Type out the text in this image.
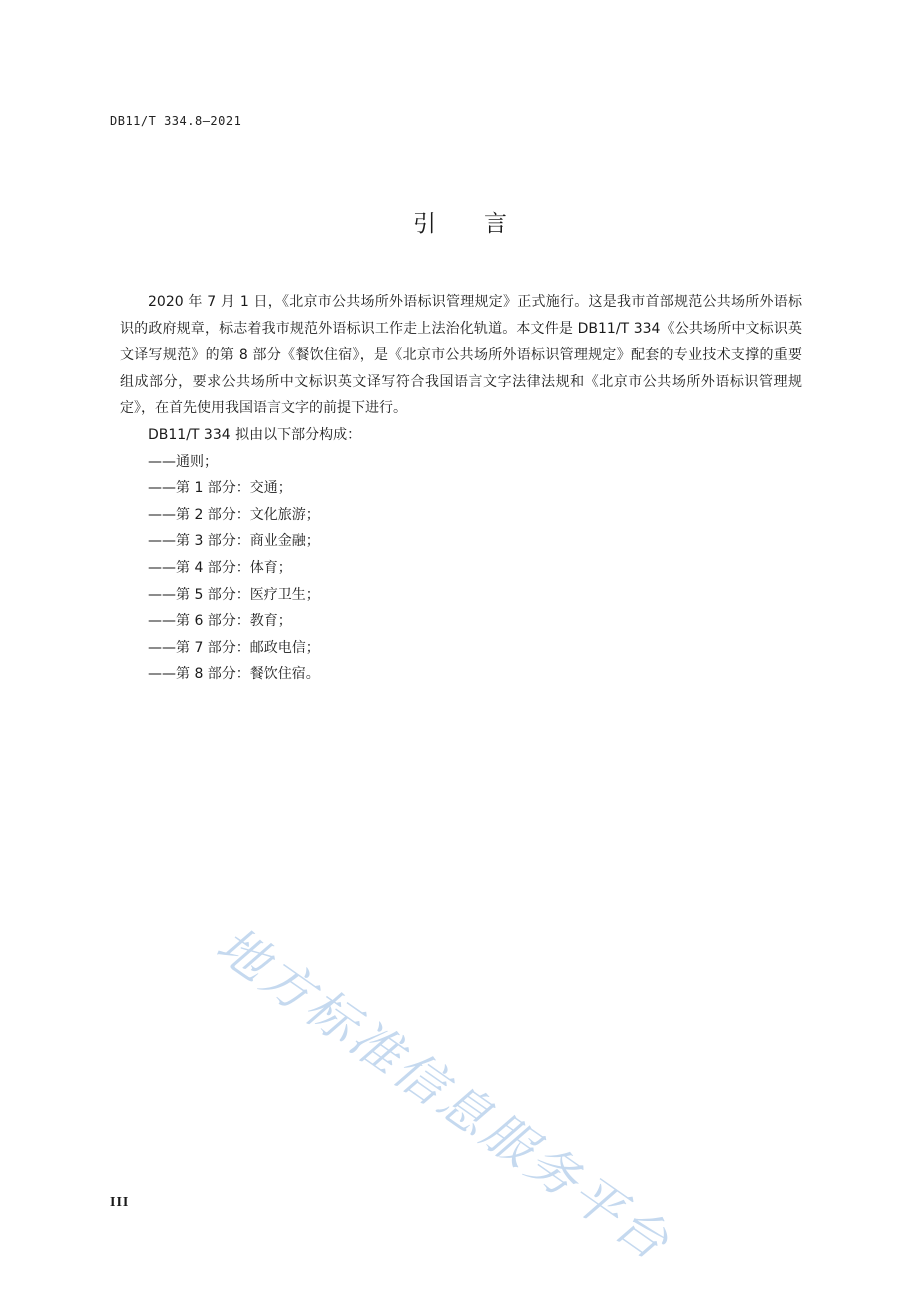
DB11/T 334.8—2021
引 言

2020 年 7 月 1 日，《北京市公共场所外语标识管理规定》正式施行。这是我市首部规范公共场所外语标识的政府规章，标志着我市规范外语标识工作走上法治化轨道。本文件是 DB11/T 334《公共场所中文标识英文译写规范》的第 8 部分《餐饮住宿》，是《北京市公共场所外语标识管理规定》配套的专业技术支撑的重要组成部分，要求公共场所中文标识英文译写符合我国语言文字法律法规和《北京市公共场所外语标识管理规定》，在首先使用我国语言文字的前提下进行。

DB11/T 334 拟由以下部分构成：

——通则；

——第 1 部分：交通；

——第 2 部分：文化旅游；

——第 3 部分：商业金融；

——第 4 部分：体育；

——第 5 部分：医疗卫生；

——第 6 部分：教育；

——第 7 部分：邮政电信；

——第 8 部分：餐饮住宿。

地方标准信息服务平台
III
